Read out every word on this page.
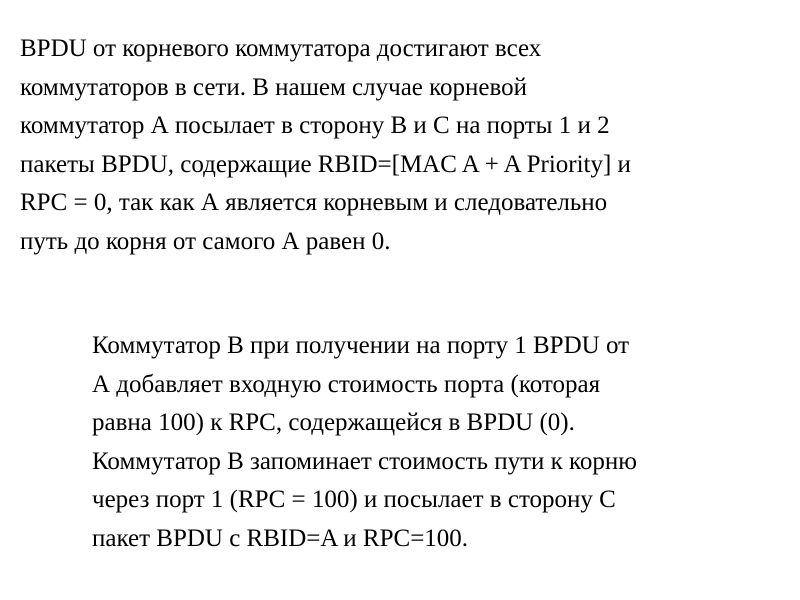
BPDU от корневого коммутатора достигают всех
коммутаторов в сети. В нашем случае корневой
коммутатор А посылает в сторону B и С на порты 1 и 2
пакеты BPDU, содержащие RBID=[MAC A + A Priority] и
RPC = 0, так как А является корневым и следовательно
путь до корня от самого А равен 0.
Коммутатор В при получении на порту 1 BPDU от
А добавляет входную стоимость порта (которая
равна 100) к RPC, содержащейся в BPDU (0).
Коммутатор В запоминает стоимость пути к корню
через порт 1 (RPC = 100) и посылает в сторону С
пакет BPDU с RBID=A и RPC=100.
